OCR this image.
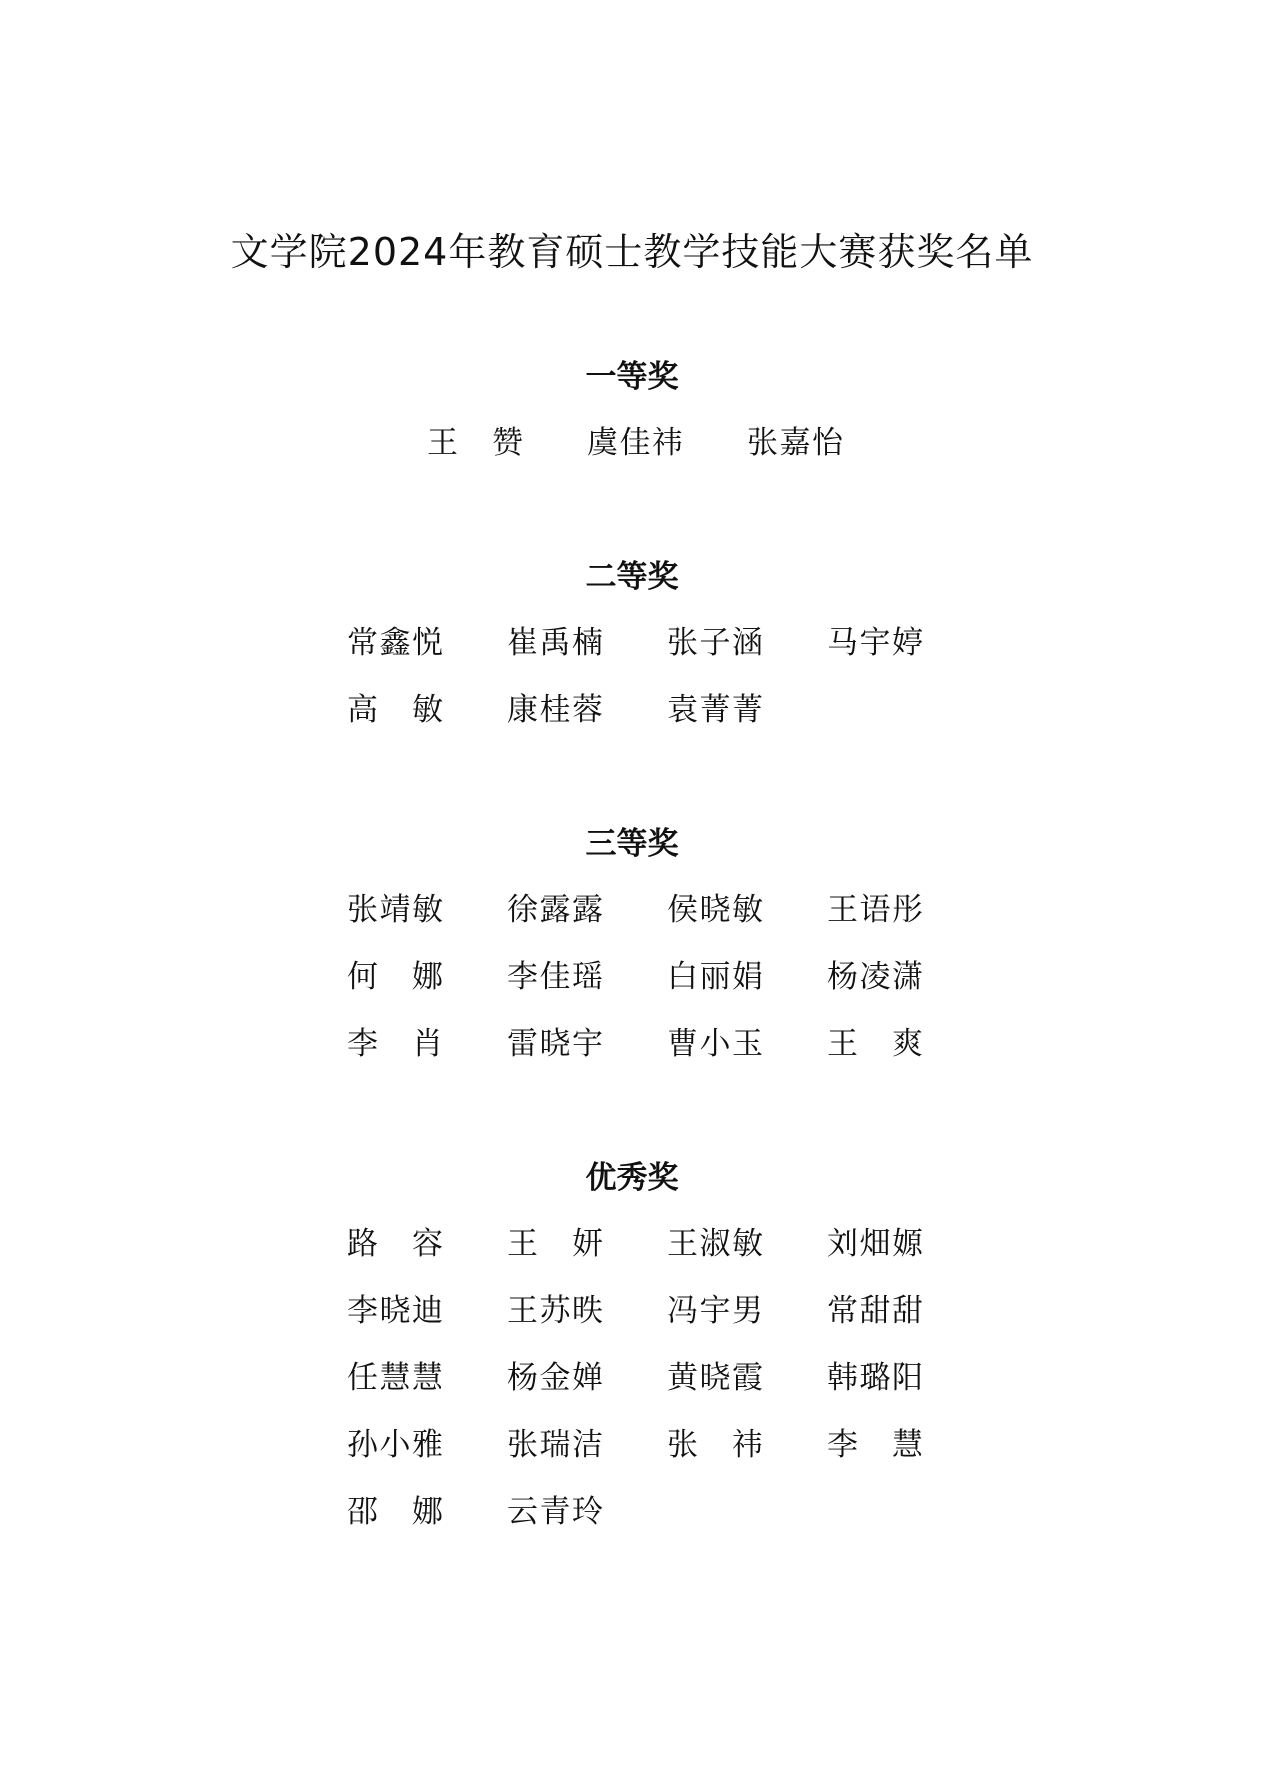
文学院2024年教育硕士教学技能大赛获奖名单
一等奖
王 赞 虞 佳 祎 张 嘉 怡
二等奖
常 鑫 悦 崔 禹 楠 张 子 涵 马 宇 婷
高 敏 康 桂 蓉 袁 菁 菁
三等奖
张 靖 敏 徐 露 露 侯 晓 敏 王 语 彤
何 娜 李 佳 瑶 白 丽 娟 杨 凌 潇
李 肖 雷 晓 宇 曹 小 玉 王 爽
优秀奖
路 容 王 妍 王 淑 敏 刘 畑 嫄
李 晓 迪 王 苏 昳 冯 宇 男 常 甜 甜
任 慧 慧 杨 金 婵 黄 晓 霞 韩 璐 阳
孙 小 雅 张 瑞 洁 张 祎 李 慧
邵 娜 云 青 玲
